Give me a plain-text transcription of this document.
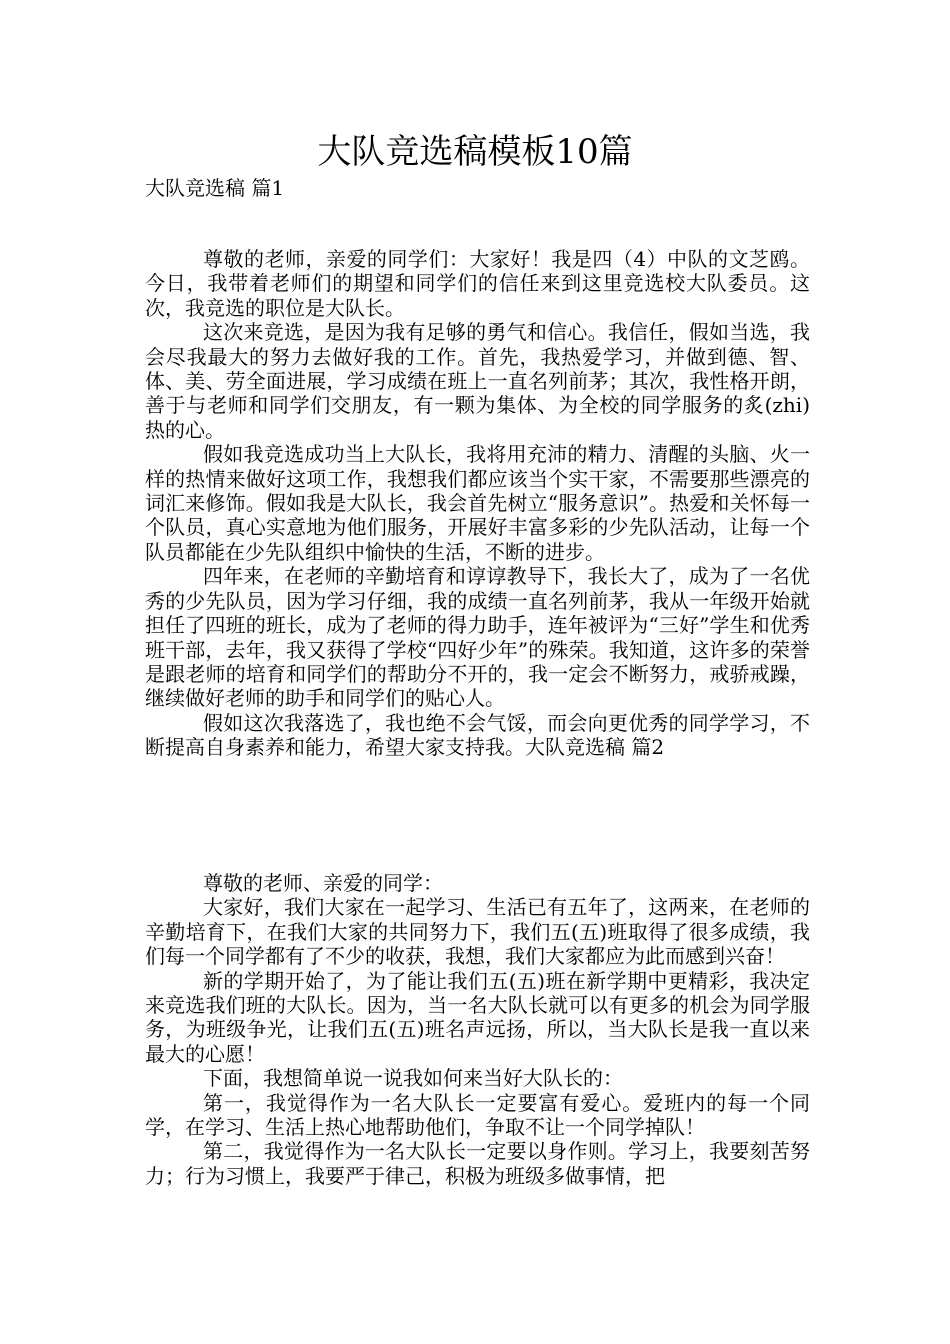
大队竞选稿模板10篇
大队竞选稿 篇1

尊敬的老师，亲爱的同学们：大家好！我是四（4）中队的文芝鸥。今日，我带着老师们的期望和同学们的信任来到这里竞选校大队委员。这次，我竞选的职位是大队长。

这次来竞选，是因为我有足够的勇气和信心。我信任，假如当选，我会尽我最大的努力去做好我的工作。首先，我热爱学习，并做到德、智、体、美、劳全面进展，学习成绩在班上一直名列前茅；其次，我性格开朗，善于与老师和同学们交朋友，有一颗为集体、为全校的同学服务的炙(zhi)热的心。

假如我竞选成功当上大队长，我将用充沛的精力、清醒的头脑、火一样的热情来做好这项工作，我想我们都应该当个实干家，不需要那些漂亮的词汇来修饰。假如我是大队长，我会首先树立“服务意识”。热爱和关怀每一个队员，真心实意地为他们服务，开展好丰富多彩的少先队活动，让每一个队员都能在少先队组织中愉快的生活，不断的进步。

四年来，在老师的辛勤培育和谆谆教导下，我长大了，成为了一名优秀的少先队员，因为学习仔细，我的成绩一直名列前茅，我从一年级开始就担任了四班的班长，成为了老师的得力助手，连年被评为“三好”学生和优秀班干部，去年，我又获得了学校“四好少年”的殊荣。我知道，这许多的荣誉是跟老师的培育和同学们的帮助分不开的，我一定会不断努力，戒骄戒躁，继续做好老师的助手和同学们的贴心人。

假如这次我落选了，我也绝不会气馁，而会向更优秀的同学学习，不断提高自身素养和能力，希望大家支持我。大队竞选稿 篇2

尊敬的老师、亲爱的同学：

大家好，我们大家在一起学习、生活已有五年了，这两来，在老师的辛勤培育下，在我们大家的共同努力下，我们五(五)班取得了很多成绩，我们每一个同学都有了不少的收获，我想，我们大家都应为此而感到兴奋！

新的学期开始了，为了能让我们五(五)班在新学期中更精彩，我决定来竞选我们班的大队长。因为，当一名大队长就可以有更多的机会为同学服务，为班级争光，让我们五(五)班名声远扬，所以，当大队长是我一直以来最大的心愿！

下面，我想简单说一说我如何来当好大队长的：

第一，我觉得作为一名大队长一定要富有爱心。爱班内的每一个同学，在学习、生活上热心地帮助他们，争取不让一个同学掉队！

第二，我觉得作为一名大队长一定要以身作则。学习上，我要刻苦努力；行为习惯上，我要严于律己，积极为班级多做事情，把
